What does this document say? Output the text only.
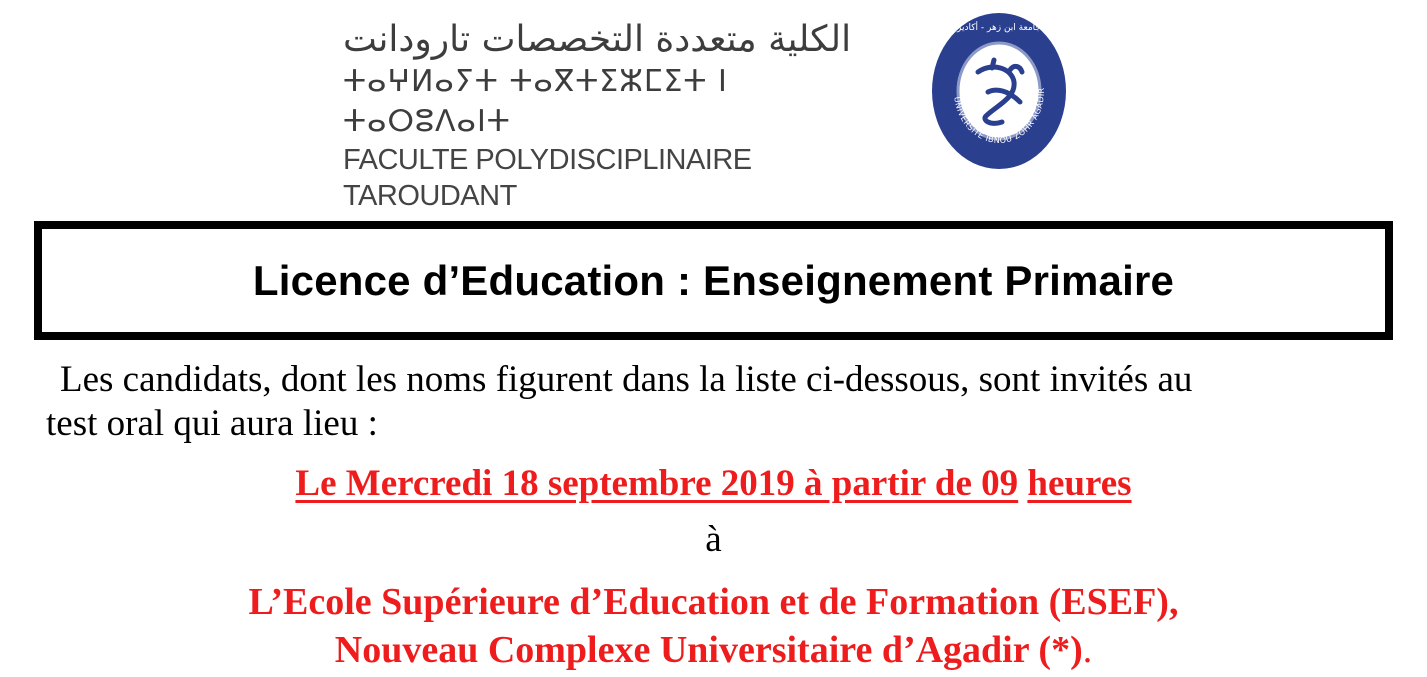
الكلية متعددة التخصصات تارودانت
ⵜⴰⵖⵍⴰⵢⵜ ⵜⴰⴳⵜⵉⵣⵎⵉⵜ ⵏ ⵜⴰⵔⵓⴷⴰⵏⵜ
FACULTE POLYDISCIPLINAIRE TAROUDANT
UNIVERSITE IBNOU ZOHR AGADIR
جامعة ابن زهر - أكادير
Licence d’Education : Enseignement Primaire
Les candidats, dont les noms figurent dans la liste ci-dessous, sont invités au
test oral qui aura lieu :
Le Mercredi 18 septembre 2019 à partir de 09 heures
à
L’Ecole Supérieure d’Education et de Formation (ESEF),
Nouveau Complexe Universitaire d’Agadir (*).
